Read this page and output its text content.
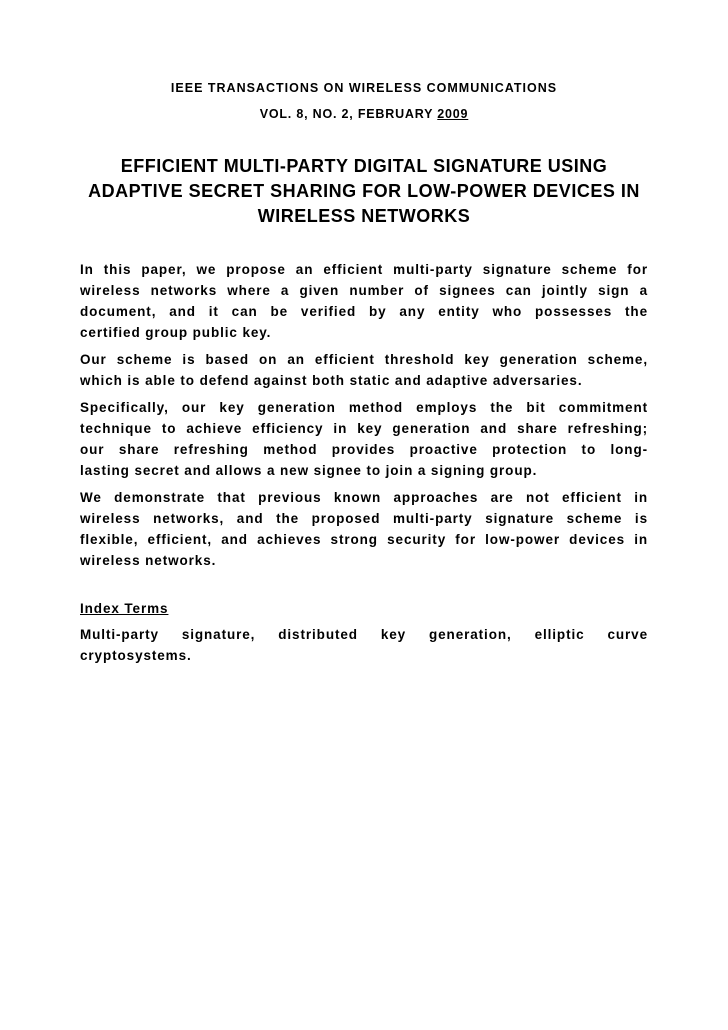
IEEE TRANSACTIONS ON WIRELESS COMMUNICATIONS
VOL. 8, NO. 2, FEBRUARY 2009
EFFICIENT MULTI-PARTY DIGITAL SIGNATURE USING
ADAPTIVE SECRET SHARING FOR LOW-POWER DEVICES IN
WIRELESS NETWORKS
In this paper, we propose an efficient multi-party signature scheme for
wireless networks where a given number of signees can jointly sign a
document, and it can be verified by any entity who possesses the
certified group public key.
Our scheme is based on an efficient threshold key generation scheme,
which is able to defend against both static and adaptive adversaries.
Specifically, our key generation method employs the bit commitment
technique to achieve efficiency in key generation and share refreshing;
our share refreshing method provides proactive protection to long-
lasting secret and allows a new signee to join a signing group.
We demonstrate that previous known approaches are not efficient in
wireless networks, and the proposed multi-party signature scheme is
flexible, efficient, and achieves strong security for low-power devices in
wireless networks.
Index Terms
Multi-party signature, distributed key generation, elliptic curve
cryptosystems.
